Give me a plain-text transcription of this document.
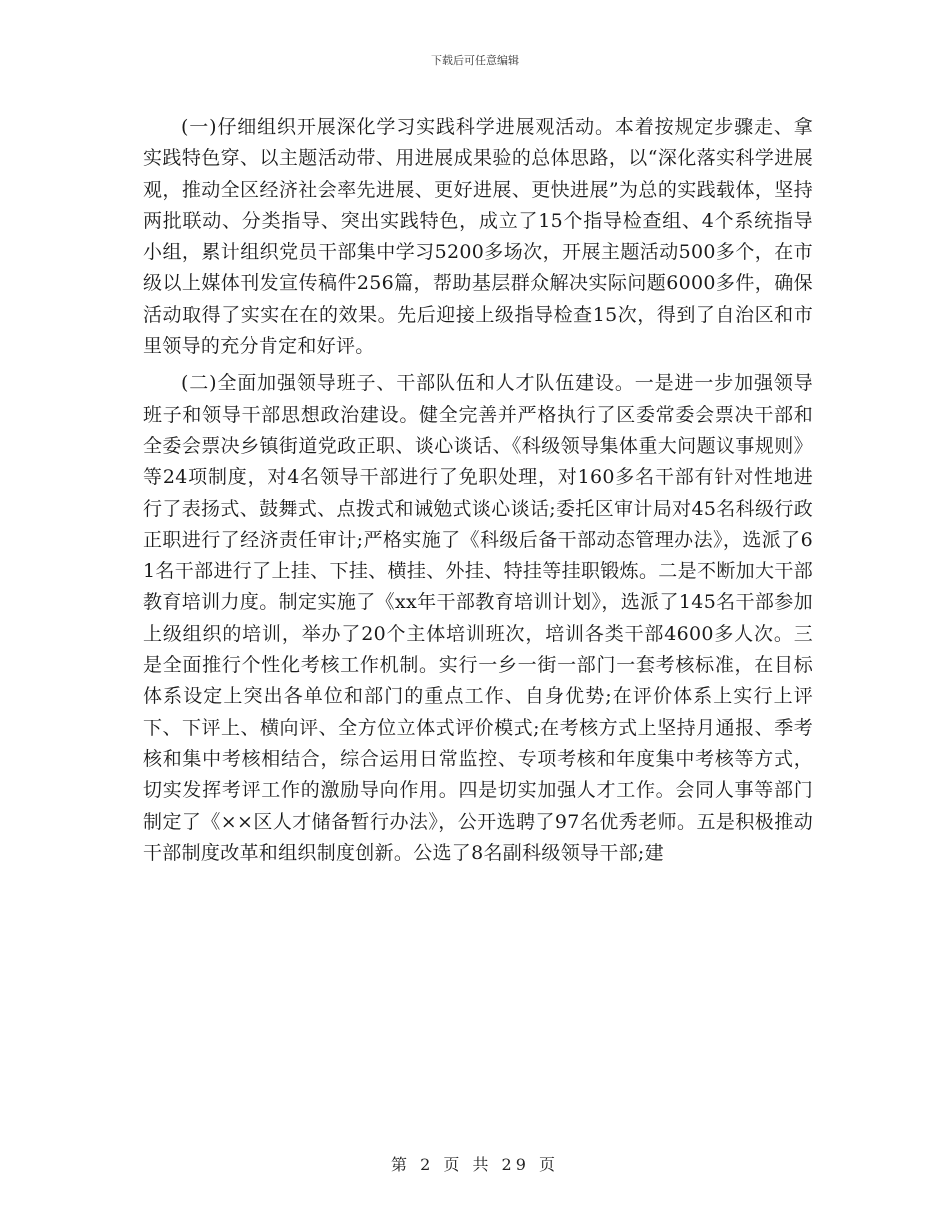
下载后可任意编辑

(一)仔细组织开展深化学习实践科学进展观活动。本着按规定步骤走、拿实践特色穿、以主题活动带、用进展成果验的总体思路，以“深化落实科学进展观，推动全区经济社会率先进展、更好进展、更快进展”为总的实践载体，坚持两批联动、分类指导、突出实践特色，成立了15个指导检查组、4个系统指导小组，累计组织党员干部集中学习5200多场次，开展主题活动500多个，在市级以上媒体刊发宣传稿件256篇，帮助基层群众解决实际问题6000多件，确保活动取得了实实在在的效果。先后迎接上级指导检查15次，得到了自治区和市里领导的充分肯定和好评。

(二)全面加强领导班子、干部队伍和人才队伍建设。一是进一步加强领导班子和领导干部思想政治建设。健全完善并严格执行了区委常委会票决干部和全委会票决乡镇街道党政正职、谈心谈话、《科级领导集体重大问题议事规则》等24项制度，对4名领导干部进行了免职处理，对160多名干部有针对性地进行了表扬式、鼓舞式、点拨式和诫勉式谈心谈话;委托区审计局对45名科级行政正职进行了经济责任审计;严格实施了《科级后备干部动态管理办法》，选派了61名干部进行了上挂、下挂、横挂、外挂、特挂等挂职锻炼。二是不断加大干部教育培训力度。制定实施了《xx年干部教育培训计划》，选派了145名干部参加上级组织的培训，举办了20个主体培训班次，培训各类干部4600多人次。三是全面推行个性化考核工作机制。实行一乡一街一部门一套考核标准，在目标体系设定上突出各单位和部门的重点工作、自身优势;在评价体系上实行上评下、下评上、横向评、全方位立体式评价模式;在考核方式上坚持月通报、季考核和集中考核相结合，综合运用日常监控、专项考核和年度集中考核等方式，切实发挥考评工作的激励导向作用。四是切实加强人才工作。会同人事等部门制定了《××区人才储备暂行办法》，公开选聘了97名优秀老师。五是积极推动干部制度改革和组织制度创新。公选了8名副科级领导干部;建

第 2 页 共 29 页
